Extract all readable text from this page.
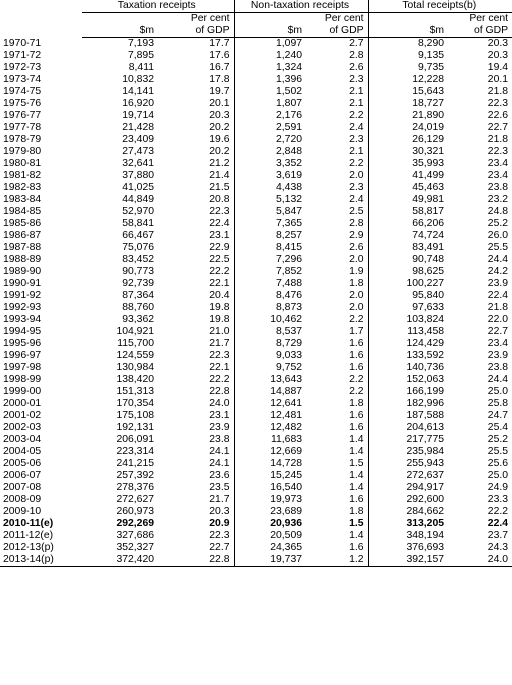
	Taxation receipts		Non-taxation receipts		Total receipts(b)	
		Per cent		Per cent		Per cent
	$m	of GDP	$m	of GDP	$m	of GDP
1970-71	7,193	17.7	1,097	2.7	8,290	20.3
1971-72	7,895	17.6	1,240	2.8	9,135	20.3
1972-73	8,411	16.7	1,324	2.6	9,735	19.4
1973-74	10,832	17.8	1,396	2.3	12,228	20.1
1974-75	14,141	19.7	1,502	2.1	15,643	21.8
1975-76	16,920	20.1	1,807	2.1	18,727	22.3
1976-77	19,714	20.3	2,176	2.2	21,890	22.6
1977-78	21,428	20.2	2,591	2.4	24,019	22.7
1978-79	23,409	19.6	2,720	2.3	26,129	21.8
1979-80	27,473	20.2	2,848	2.1	30,321	22.3
1980-81	32,641	21.2	3,352	2.2	35,993	23.4
1981-82	37,880	21.4	3,619	2.0	41,499	23.4
1982-83	41,025	21.5	4,438	2.3	45,463	23.8
1983-84	44,849	20.8	5,132	2.4	49,981	23.2
1984-85	52,970	22.3	5,847	2.5	58,817	24.8
1985-86	58,841	22.4	7,365	2.8	66,206	25.2
1986-87	66,467	23.1	8,257	2.9	74,724	26.0
1987-88	75,076	22.9	8,415	2.6	83,491	25.5
1988-89	83,452	22.5	7,296	2.0	90,748	24.4
1989-90	90,773	22.2	7,852	1.9	98,625	24.2
1990-91	92,739	22.1	7,488	1.8	100,227	23.9
1991-92	87,364	20.4	8,476	2.0	95,840	22.4
1992-93	88,760	19.8	8,873	2.0	97,633	21.8
1993-94	93,362	19.8	10,462	2.2	103,824	22.0
1994-95	104,921	21.0	8,537	1.7	113,458	22.7
1995-96	115,700	21.7	8,729	1.6	124,429	23.4
1996-97	124,559	22.3	9,033	1.6	133,592	23.9
1997-98	130,984	22.1	9,752	1.6	140,736	23.8
1998-99	138,420	22.2	13,643	2.2	152,063	24.4
1999-00	151,313	22.8	14,887	2.2	166,199	25.0
2000-01	170,354	24.0	12,641	1.8	182,996	25.8
2001-02	175,108	23.1	12,481	1.6	187,588	24.7
2002-03	192,131	23.9	12,482	1.6	204,613	25.4
2003-04	206,091	23.8	11,683	1.4	217,775	25.2
2004-05	223,314	24.1	12,669	1.4	235,984	25.5
2005-06	241,215	24.1	14,728	1.5	255,943	25.6
2006-07	257,392	23.6	15,245	1.4	272,637	25.0
2007-08	278,376	23.5	16,540	1.4	294,917	24.9
2008-09	272,627	21.7	19,973	1.6	292,600	23.3
2009-10	260,973	20.3	23,689	1.8	284,662	22.2
2010-11(e)	292,269	20.9	20,936	1.5	313,205	22.4
2011-12(e)	327,686	22.3	20,509	1.4	348,194	23.7
2012-13(p)	352,327	22.7	24,365	1.6	376,693	24.3
2013-14(p)	372,420	22.8	19,737	1.2	392,157	24.0
